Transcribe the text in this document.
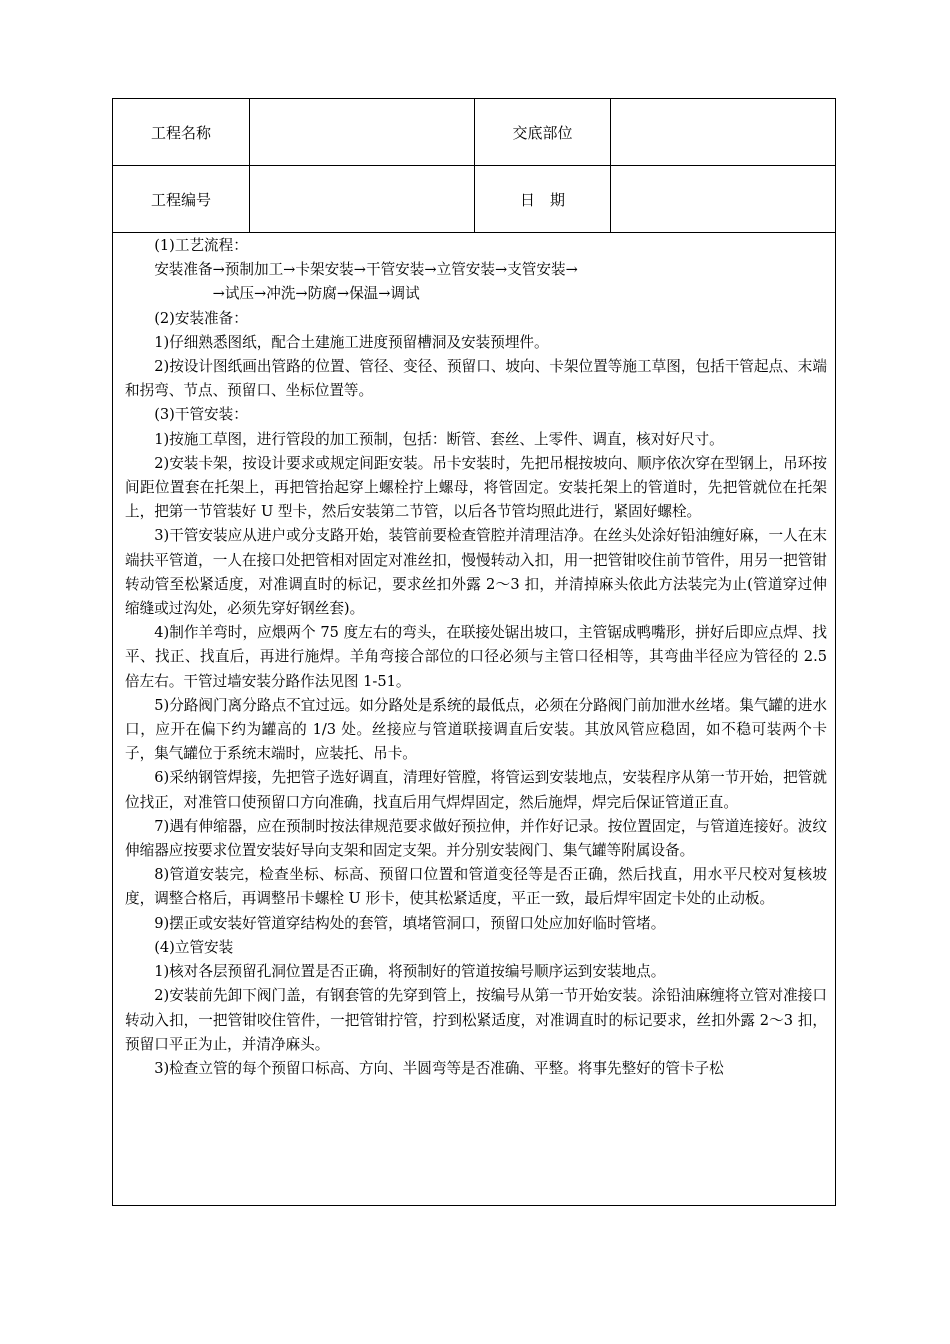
工程名称	交底部位
工程编号	日　期

(1)工艺流程：

安装准备→预制加工→卡架安装→干管安装→立管安装→支管安装→

→试压→冲洗→防腐→保温→调试

(2)安装准备：

1)仔细熟悉图纸，配合土建施工进度预留槽洞及安装预埋件。

2)按设计图纸画出管路的位置、管径、变径、预留口、坡向、卡架位置等施工草图，包括干管起点、末端和拐弯、节点、预留口、坐标位置等。

(3)干管安装：

1)按施工草图，进行管段的加工预制，包括：断管、套丝、上零件、调直，核对好尺寸。

2)安装卡架，按设计要求或规定间距安装。吊卡安装时，先把吊棍按坡向、顺序依次穿在型钢上，吊环按间距位置套在托架上，再把管抬起穿上螺栓拧上螺母，将管固定。安装托架上的管道时，先把管就位在托架上，把第一节管装好 U 型卡，然后安装第二节管，以后各节管均照此进行，紧固好螺栓。

3)干管安装应从进户或分支路开始，装管前要检查管腔并清理洁净。在丝头处涂好铅油缠好麻，一人在末端扶平管道，一人在接口处把管相对固定对准丝扣，慢慢转动入扣，用一把管钳咬住前节管件，用另一把管钳转动管至松紧适度，对准调直时的标记，要求丝扣外露 2～3 扣，并清掉麻头依此方法装完为止(管道穿过伸缩缝或过沟处，必须先穿好钢丝套)。

4)制作羊弯时，应煨两个 75 度左右的弯头，在联接处锯出坡口，主管锯成鸭嘴形，拼好后即应点焊、找平、找正、找直后，再进行施焊。羊角弯接合部位的口径必须与主管口径相等，其弯曲半径应为管径的 2.5 倍左右。干管过墙安装分路作法见图 1-51。

5)分路阀门离分路点不宜过远。如分路处是系统的最低点，必须在分路阀门前加泄水丝堵。集气罐的进水口，应开在偏下约为罐高的 1/3 处。丝接应与管道联接调直后安装。其放风管应稳固，如不稳可装两个卡子，集气罐位于系统末端时，应装托、吊卡。

6)采纳钢管焊接，先把管子选好调直，清理好管膛，将管运到安装地点，安装程序从第一节开始，把管就位找正，对准管口使预留口方向准确，找直后用气焊焊固定，然后施焊，焊完后保证管道正直。

7)遇有伸缩器，应在预制时按法律规范要求做好预拉伸，并作好记录。按位置固定，与管道连接好。波纹伸缩器应按要求位置安装好导向支架和固定支架。并分别安装阀门、集气罐等附属设备。

8)管道安装完，检查坐标、标高、预留口位置和管道变径等是否正确，然后找直，用水平尺校对复核坡度，调整合格后，再调整吊卡螺栓 U 形卡，使其松紧适度，平正一致，最后焊牢固定卡处的止动板。

9)摆正或安装好管道穿结构处的套管，填堵管洞口，预留口处应加好临时管堵。

(4)立管安装

1)核对各层预留孔洞位置是否正确，将预制好的管道按编号顺序运到安装地点。

2)安装前先卸下阀门盖，有钢套管的先穿到管上，按编号从第一节开始安装。涂铅油麻缠将立管对准接口转动入扣，一把管钳咬住管件，一把管钳拧管，拧到松紧适度，对准调直时的标记要求，丝扣外露 2～3 扣，预留口平正为止，并清净麻头。

3)检查立管的每个预留口标高、方向、半圆弯等是否准确、平整。将事先整好的管卡子松
